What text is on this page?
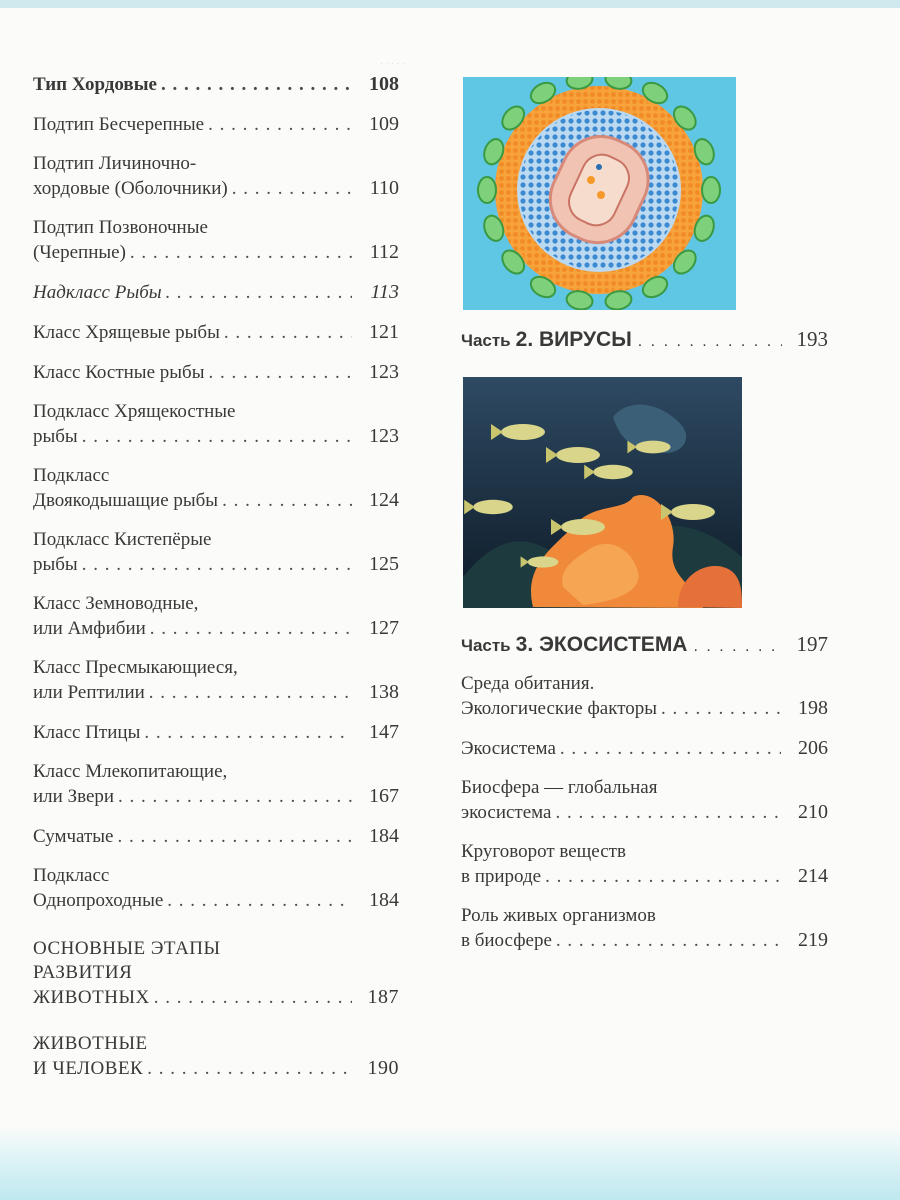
· · · · ·
Тип Хордовые . . .	108
Подтип Бесчерепные . . .	109
Подтип Личиночно-
хордовые (Оболочники) . . .	110
Подтип Позвоночные
(Черепные) . . .	112
Надкласс Рыбы . . .	113
Класс Хрящевые рыбы . . .	121
Класс Костные рыбы . . .	123
Подкласс Хрящекостные
рыбы . . .	123
Подкласс
Двоякодышащие рыбы . . .	124
Подкласс Кистепёрые
рыбы . . .	125
Класс Земноводные,
или Амфибии . . .	127
Класс Пресмыкающиеся,
или Рептилии . . .	138
Класс Птицы . . .	147
Класс Млекопитающие,
или Звери . . .	167
Сумчатые . . .	184
Подкласс
Однопроходные . . .	184
ОСНОВНЫЕ ЭТАПЫ
РАЗВИТИЯ
ЖИВОТНЫХ . . .	187
ЖИВОТНЫЕ
И ЧЕЛОВЕК . . .	190
Часть 2. ВИРУСЫ . . .	193
Часть 3. ЭКОСИСТЕМА . . .	197
Среда обитания.
Экологические факторы . . .	198
Экосистема . . .	206
Биосфера — глобальная
экосистема . . .	210
Круговорот веществ
в природе . . .	214
Роль живых организмов
в биосфере . . .	219
